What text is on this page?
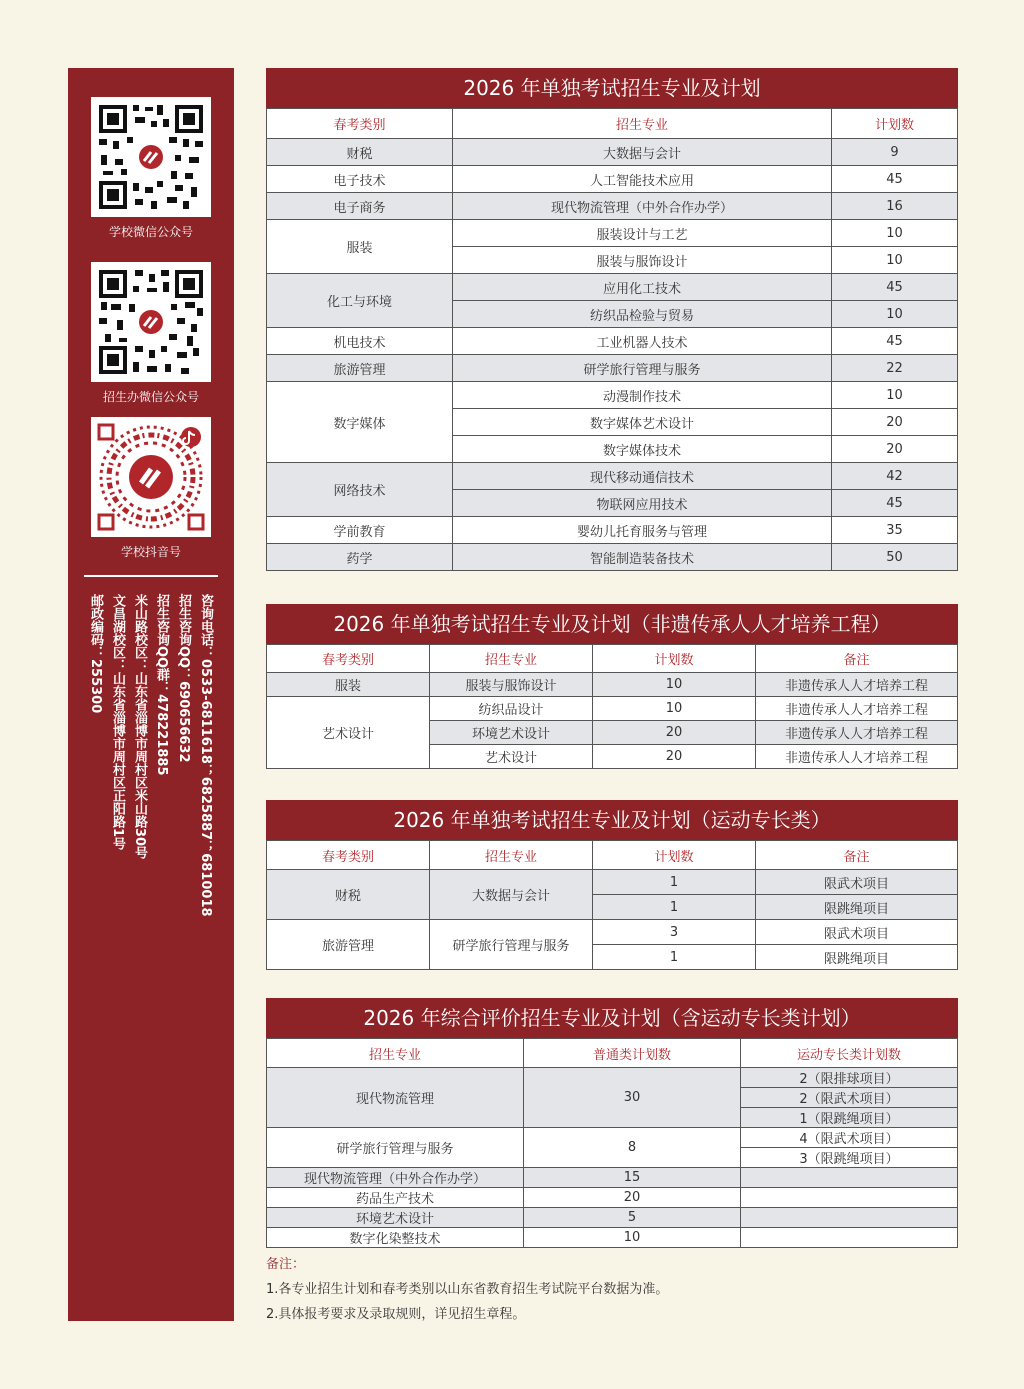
学校微信公众号
招生办微信公众号
学校抖音号
咨询电话：0533-6811618；6825887；6810018
招生咨询QQ：690656632
招生咨询QQ群：478221885
米山路校区：山东省淄博市周村区米山路30号
文昌湖校区：山东省淄博市周村区正阳路1号
邮政编码：255300
2026 年单独考试招生专业及计划
春考类别	招生专业	计划数
财税	大数据与会计	9
电子技术	人工智能技术应用	45
电子商务	现代物流管理（中外合作办学）	16
服装	服装设计与工艺	10
	服装与服饰设计	10
化工与环境	应用化工技术	45
	纺织品检验与贸易	10
机电技术	工业机器人技术	45
旅游管理	研学旅行管理与服务	22
数字媒体	动漫制作技术	10
	数字媒体艺术设计	20
	数字媒体技术	20
网络技术	现代移动通信技术	42
	物联网应用技术	45
学前教育	婴幼儿托育服务与管理	35
药学	智能制造装备技术	50
2026 年单独考试招生专业及计划（非遗传承人人才培养工程）
春考类别	招生专业	计划数	备注
服装	服装与服饰设计	10	非遗传承人人才培养工程
艺术设计	纺织品设计	10	非遗传承人人才培养工程
	环境艺术设计	20	非遗传承人人才培养工程
	艺术设计	20	非遗传承人人才培养工程
2026 年单独考试招生专业及计划（运动专长类）
春考类别	招生专业	计划数	备注
财税	大数据与会计	1	限武术项目
		1	限跳绳项目
旅游管理	研学旅行管理与服务	3	限武术项目
		1	限跳绳项目
2026 年综合评价招生专业及计划（含运动专长类计划）
招生专业	普通类计划数	运动专长类计划数
现代物流管理	30	2（限排球项目）
		2（限武术项目）
		1（限跳绳项目）
研学旅行管理与服务	8	4（限武术项目）
		3（限跳绳项目）
现代物流管理（中外合作办学）	15	
药品生产技术	20	
环境艺术设计	5	
数字化染整技术	10	
备注：
1.各专业招生计划和春考类别以山东省教育招生考试院平台数据为准。
2.具体报考要求及录取规则，详见招生章程。
